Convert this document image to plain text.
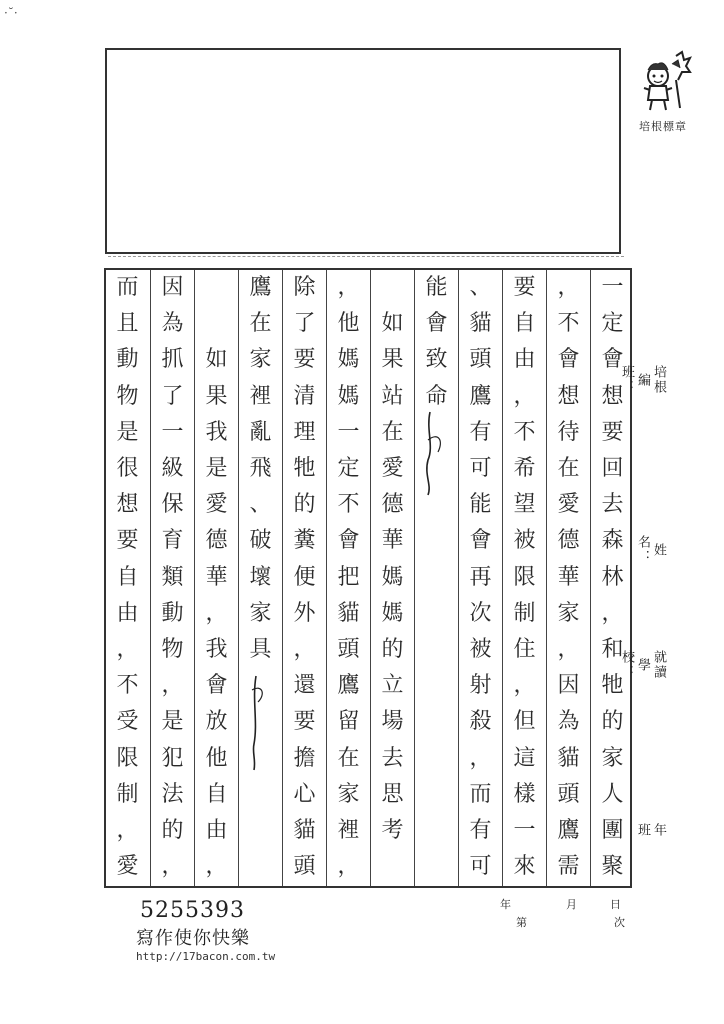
·˘·
培根標章
一
定
會
想
要
回
去
森
林
，
和
牠
的
家
人
團
聚
，
不
會
想
待
在
愛
德
華
家
，
因
為
貓
頭
鷹
需
要
自
由
，
不
希
望
被
限
制
住
，
但
這
樣
一
來
、
貓
頭
鷹
有
可
能
會
再
次
被
射
殺
，
而
有
可
能
會
致
命
如
果
站
在
愛
德
華
媽
媽
的
立
場
去
思
考
，
他
媽
媽
一
定
不
會
把
貓
頭
鷹
留
在
家
裡
，
除
了
要
清
理
牠
的
糞
便
外
，
還
要
擔
心
貓
頭
鷹
在
家
裡
亂
飛
、
破
壞
家
具
如
果
我
是
愛
德
華
，
我
會
放
他
自
由
，
因
為
抓
了
一
級
保
育
類
動
物
，
是
犯
法
的
，
而
且
動
物
是
很
想
要
自
由
，
不
受
限
制
，
愛
培根編班：
姓名：
就讀學校：
年　班
年	月	日
第	次
5255393
寫作使你快樂
http://17bacon.com.tw
